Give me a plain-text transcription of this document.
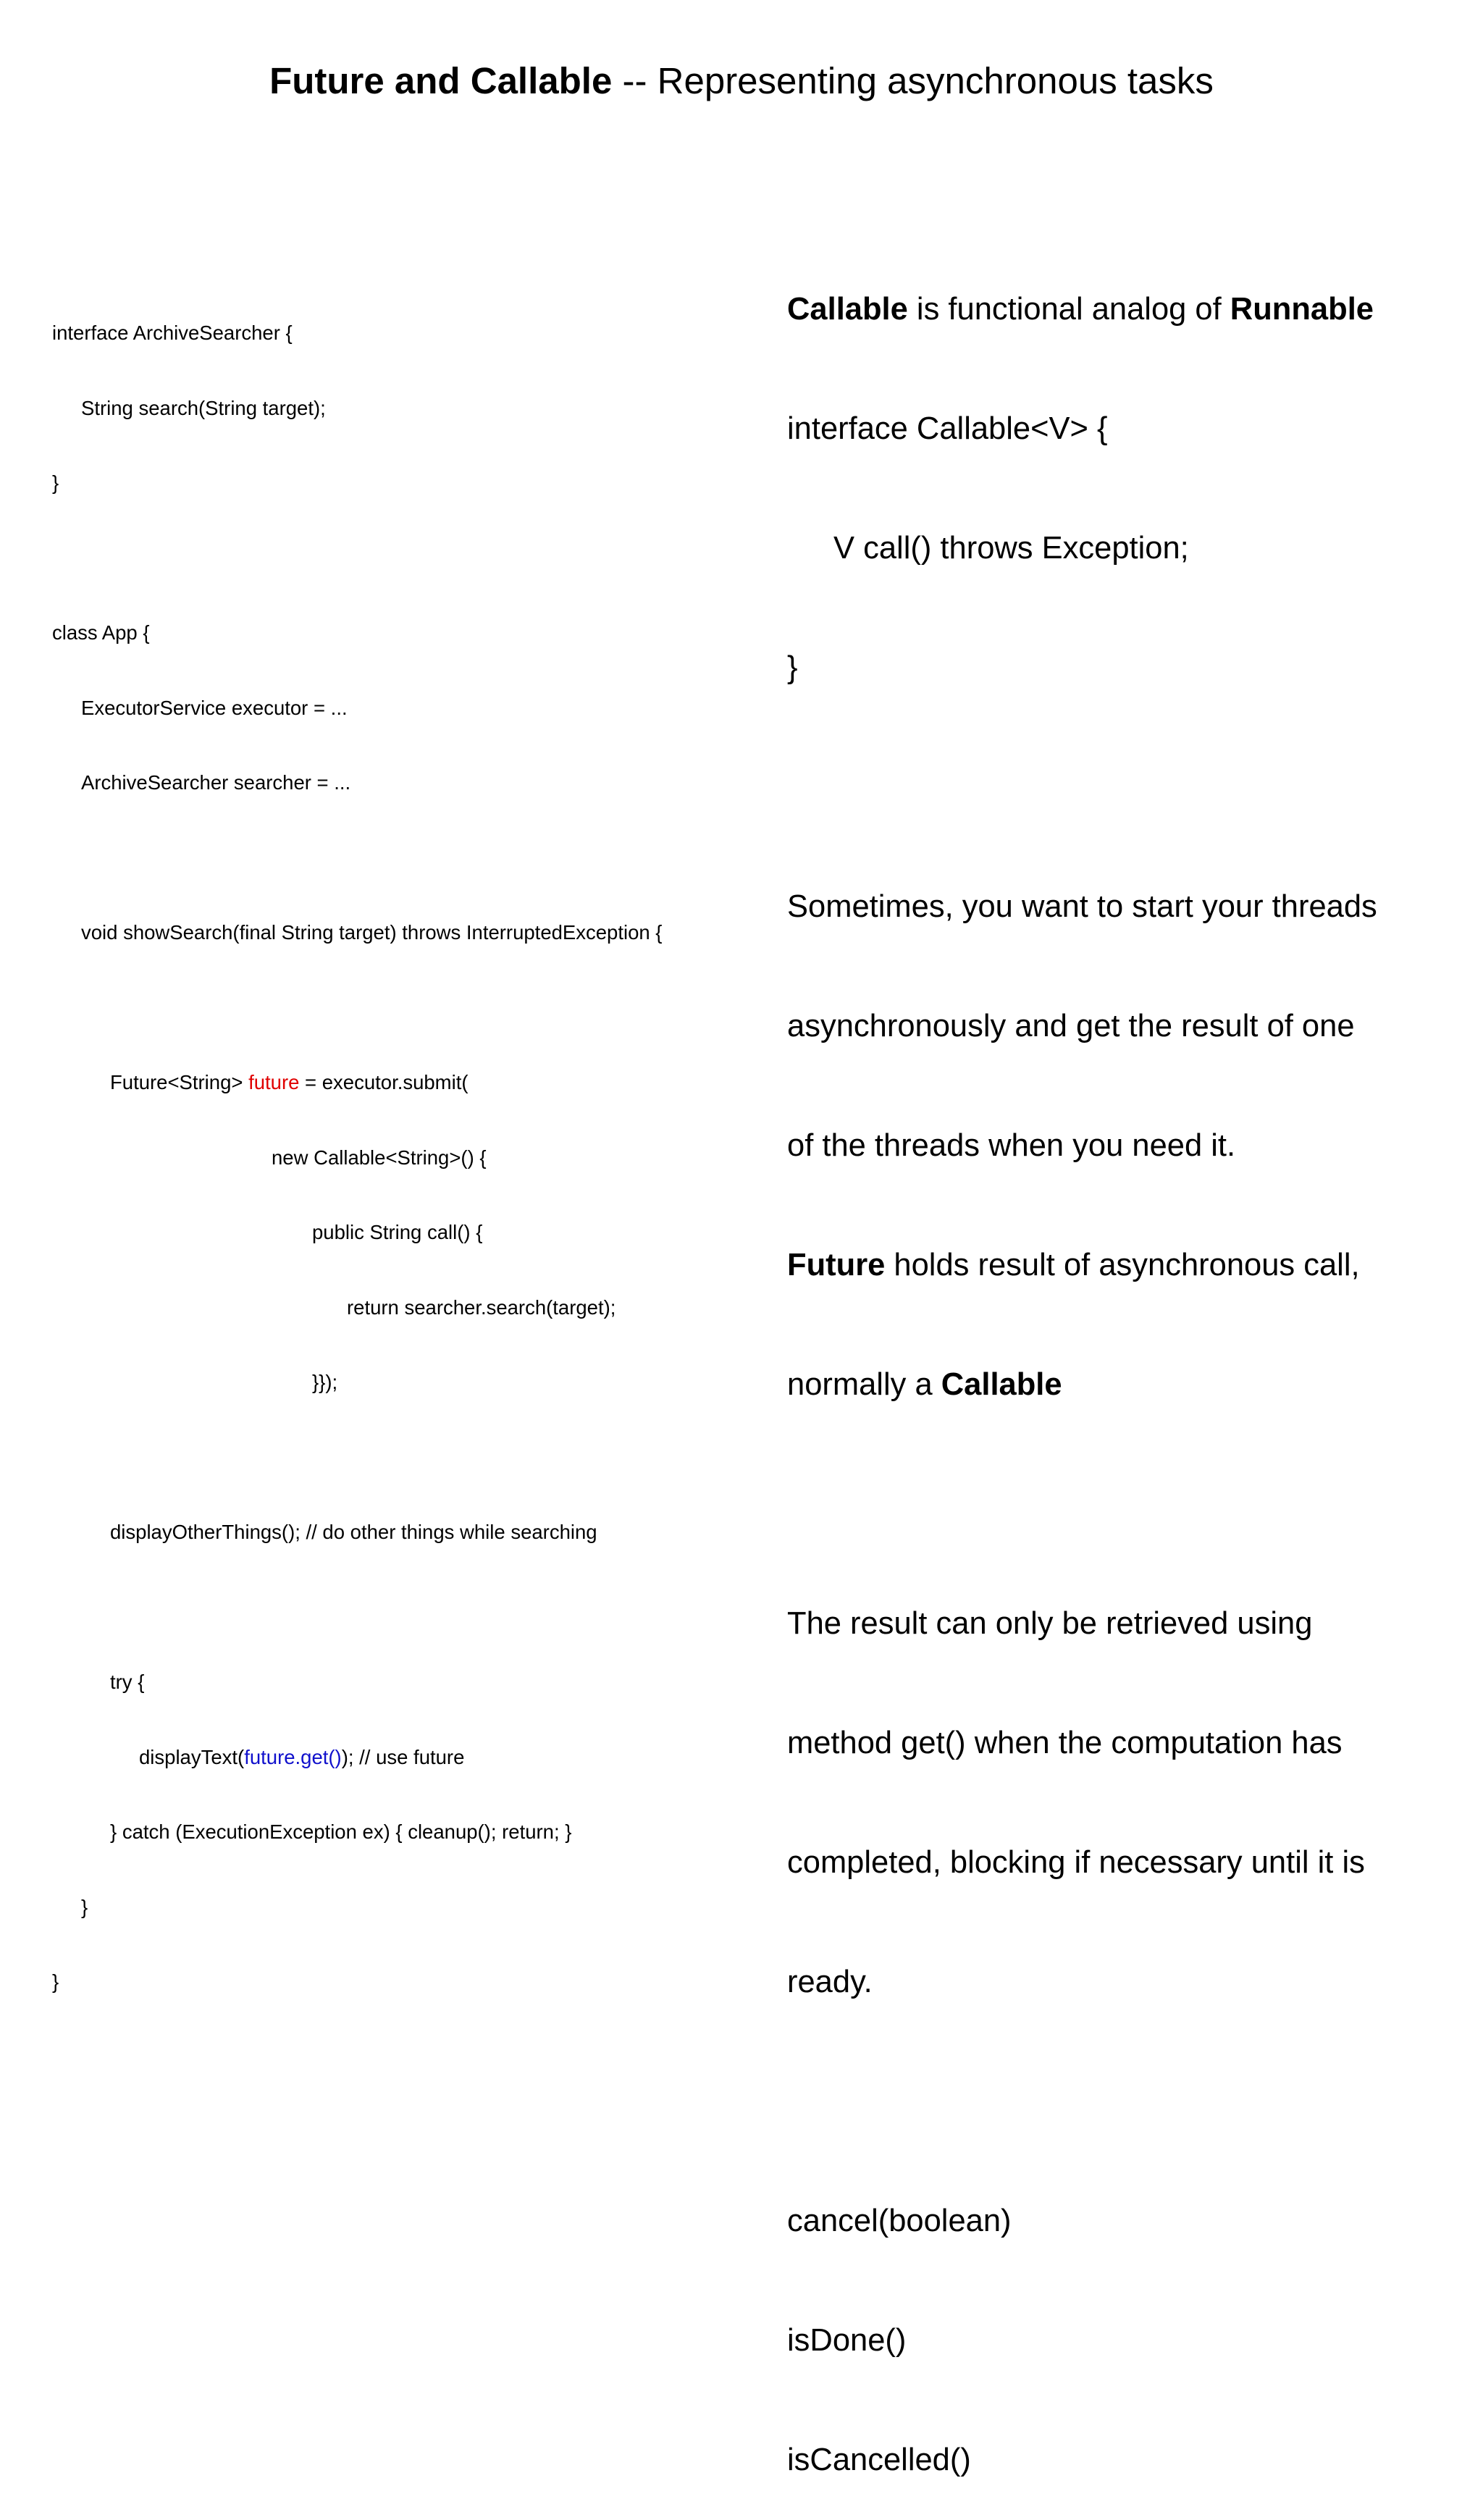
Future and Callable -- Representing asynchronous tasks

interface ArchiveSearcher {

String search(String target);

}

class App {

ExecutorService executor = ...

ArchiveSearcher searcher = ...

void showSearch(final String target) throws InterruptedException {

Future<String> future = executor.submit(

new Callable<String>() {

public String call() {

return searcher.search(target);

}});

displayOtherThings(); // do other things while searching

try {

displayText(future.get()); // use future

} catch (ExecutionException ex) { cleanup(); return; }

}

}

Callable is functional analog of Runnable

interface Callable<V> {

V call() throws Exception;

}

Sometimes, you want to start your threads

asynchronously and get the result of one

of the threads when you need it.

Future holds result of asynchronous call,

normally a Callable

The result can only be retrieved using

method get() when the computation has

completed, blocking if necessary until it is

ready.

cancel(boolean)

isDone()

isCancelled()
